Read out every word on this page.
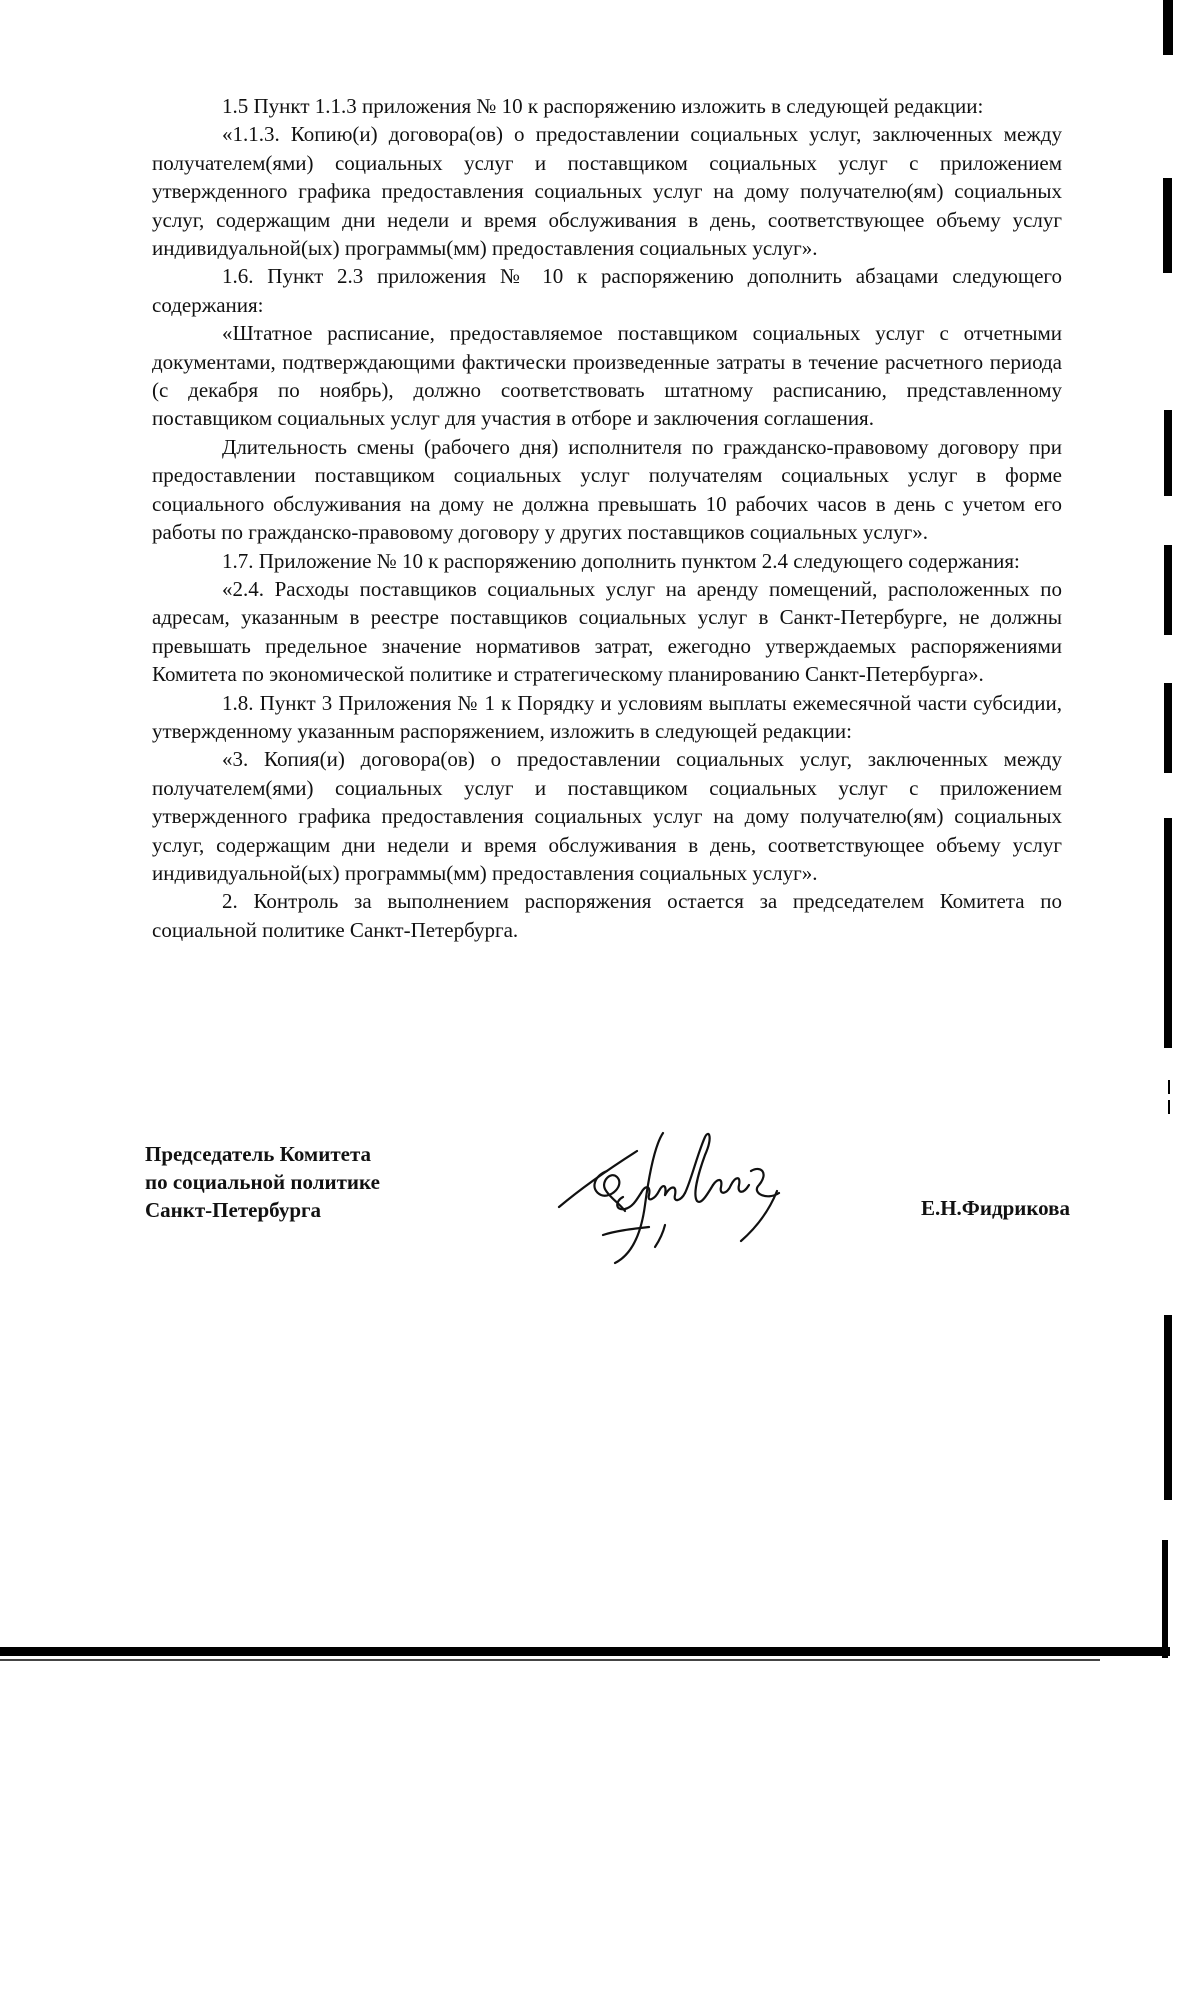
1.5 Пункт 1.1.3 приложения № 10 к распоряжению изложить в следующей редакции:

«1.1.3. Копию(и) договора(ов) о предоставлении социальных услуг, заключенных между получателем(ями) социальных услуг и поставщиком социальных услуг с приложением утвержденного графика предоставления социальных услуг на дому получателю(ям) социальных услуг, содержащим дни недели и время обслуживания в день, соответствующее объему услуг индивидуальной(ых) программы(мм) предоставления социальных услуг».

1.6. Пункт 2.3 приложения № 10 к распоряжению дополнить абзацами следующего содержания:

«Штатное расписание, предоставляемое поставщиком социальных услуг с отчетными документами, подтверждающими фактически произведенные затраты в течение расчетного периода (с декабря по ноябрь), должно соответствовать штатному расписанию, представленному поставщиком социальных услуг для участия в отборе и заключения соглашения.

Длительность смены (рабочего дня) исполнителя по гражданско-правовому договору при предоставлении поставщиком социальных услуг получателям социальных услуг в форме социального обслуживания на дому не должна превышать 10 рабочих часов в день с учетом его работы по гражданско-правовому договору у других поставщиков социальных услуг».

1.7. Приложение № 10 к распоряжению дополнить пунктом 2.4 следующего содержания:

«2.4. Расходы поставщиков социальных услуг на аренду помещений, расположенных по адресам, указанным в реестре поставщиков социальных услуг в Санкт-Петербурге, не должны превышать предельное значение нормативов затрат, ежегодно утверждаемых распоряжениями Комитета по экономической политике и стратегическому планированию Санкт-Петербурга».

1.8. Пункт 3 Приложения № 1 к Порядку и условиям выплаты ежемесячной части субсидии, утвержденному указанным распоряжением, изложить в следующей редакции:

«3. Копия(и) договора(ов) о предоставлении социальных услуг, заключенных между получателем(ями) социальных услуг и поставщиком социальных услуг с приложением утвержденного графика предоставления социальных услуг на дому получателю(ям) социальных услуг, содержащим дни недели и время обслуживания в день, соответствующее объему услуг индивидуальной(ых) программы(мм) предоставления социальных услуг».

2. Контроль за выполнением распоряжения остается за председателем Комитета по социальной политике Санкт-Петербурга.

Председатель Комитета
по социальной политике
Санкт-Петербурга	Е.Н.Фидрикова
